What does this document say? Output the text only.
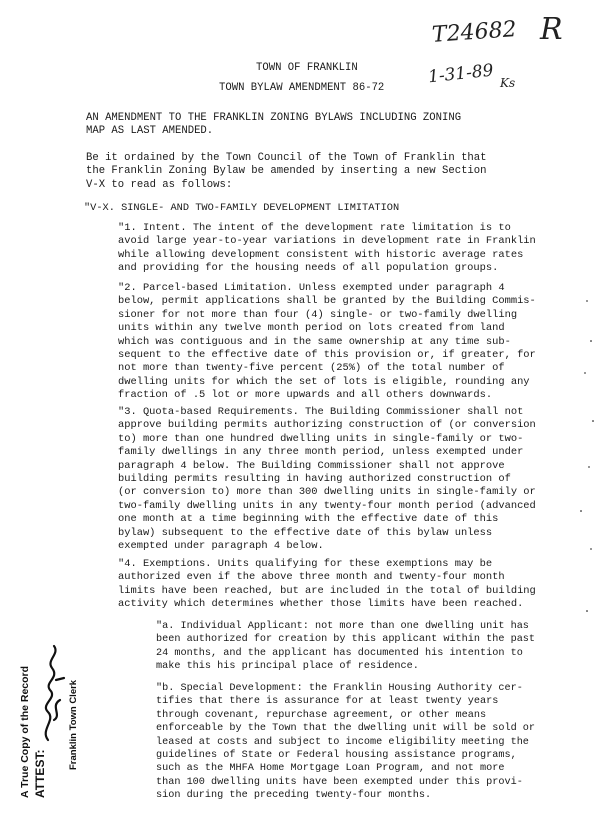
T24682 R
1-31-89 Ks
TOWN OF FRANKLIN
TOWN BYLAW AMENDMENT 86-72
AN AMENDMENT TO THE FRANKLIN ZONING BYLAWS INCLUDING ZONING
MAP AS LAST AMENDED.
Be it ordained by the Town Council of the Town of Franklin that
the Franklin Zoning Bylaw be amended by inserting a new Section
V-X to read as follows:
"V-X. SINGLE- AND TWO-FAMILY DEVELOPMENT LIMITATION
"1. Intent. The intent of the development rate limitation is to
avoid large year-to-year variations in development rate in Franklin
while allowing development consistent with historic average rates
and providing for the housing needs of all population groups.
"2. Parcel-based Limitation. Unless exempted under paragraph 4
below, permit applications shall be granted by the Building Commis-
sioner for not more than four (4) single- or two-family dwelling
units within any twelve month period on lots created from land
which was contiguous and in the same ownership at any time sub-
sequent to the effective date of this provision or, if greater, for
not more than twenty-five percent (25%) of the total number of
dwelling units for which the set of lots is eligible, rounding any
fraction of .5 lot or more upwards and all others downwards.
"3. Quota-based Requirements. The Building Commissioner shall not
approve building permits authorizing construction of (or conversion
to) more than one hundred dwelling units in single-family or two-
family dwellings in any three month period, unless exempted under
paragraph 4 below. The Building Commissioner shall not approve
building permits resulting in having authorized construction of
(or conversion to) more than 300 dwelling units in single-family or
two-family dwelling units in any twenty-four month period (advanced
one month at a time beginning with the effective date of this
bylaw) subsequent to the effective date of this bylaw unless
exempted under paragraph 4 below.
"4. Exemptions. Units qualifying for these exemptions may be
authorized even if the above three month and twenty-four month
limits have been reached, but are included in the total of building
activity which determines whether those limits have been reached.
"a. Individual Applicant: not more than one dwelling unit has
been authorized for creation by this applicant within the past
24 months, and the applicant has documented his intention to
make this his principal place of residence.
"b. Special Development: the Franklin Housing Authority cer-
tifies that there is assurance for at least twenty years
through covenant, repurchase agreement, or other means
enforceable by the Town that the dwelling unit will be sold or
leased at costs and subject to income eligibility meeting the
guidelines of State or Federal housing assistance programs,
such as the MHFA Home Mortgage Loan Program, and not more
than 100 dwelling units have been exempted under this provi-
sion during the preceding twenty-four months.
A True Copy of the Record ATTEST:
Franklin Town Clerk
